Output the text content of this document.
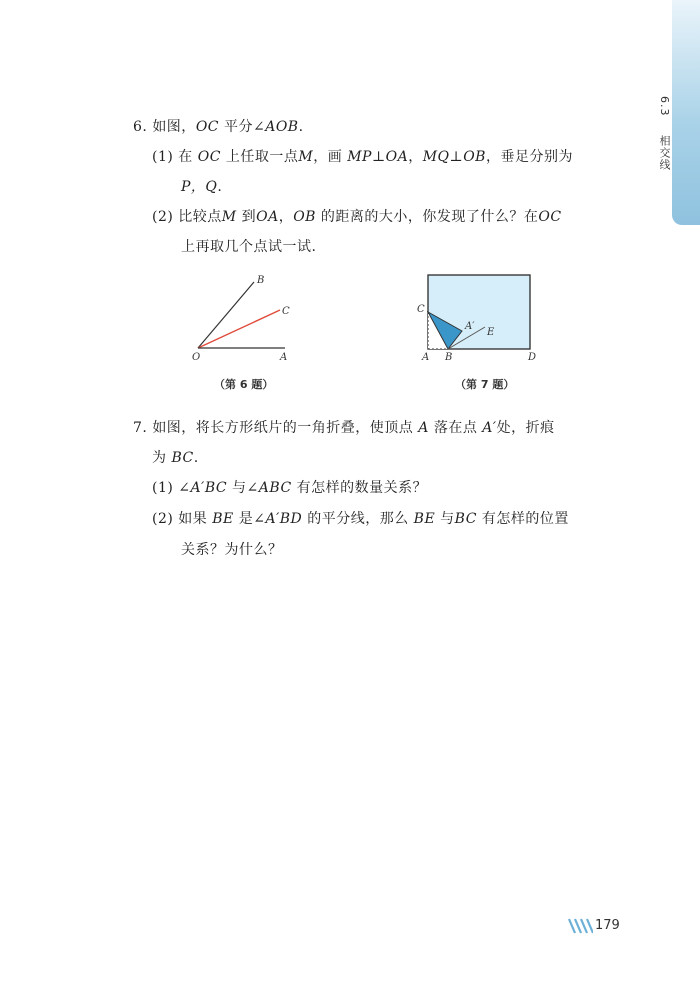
6.3 相交线
6. 如图，OC 平分∠AOB.
(1) 在 OC 上任取一点M，画 MP⊥OA，MQ⊥OB，垂足分别为
P，Q.
(2) 比较点M 到OA，OB 的距离的大小，你发现了什么？在OC
上再取几个点试一试.
B
C
O	A
（第 6 题）
C
A′
E
A B	D
（第 7 题）
7. 如图，将长方形纸片的一角折叠，使顶点 A 落在点 A′处，折痕
为 BC.
(1) ∠A′BC 与∠ABC 有怎样的数量关系？
(2) 如果 BE 是∠A′BD 的平分线，那么 BE 与BC 有怎样的位置
关系？为什么？
179
